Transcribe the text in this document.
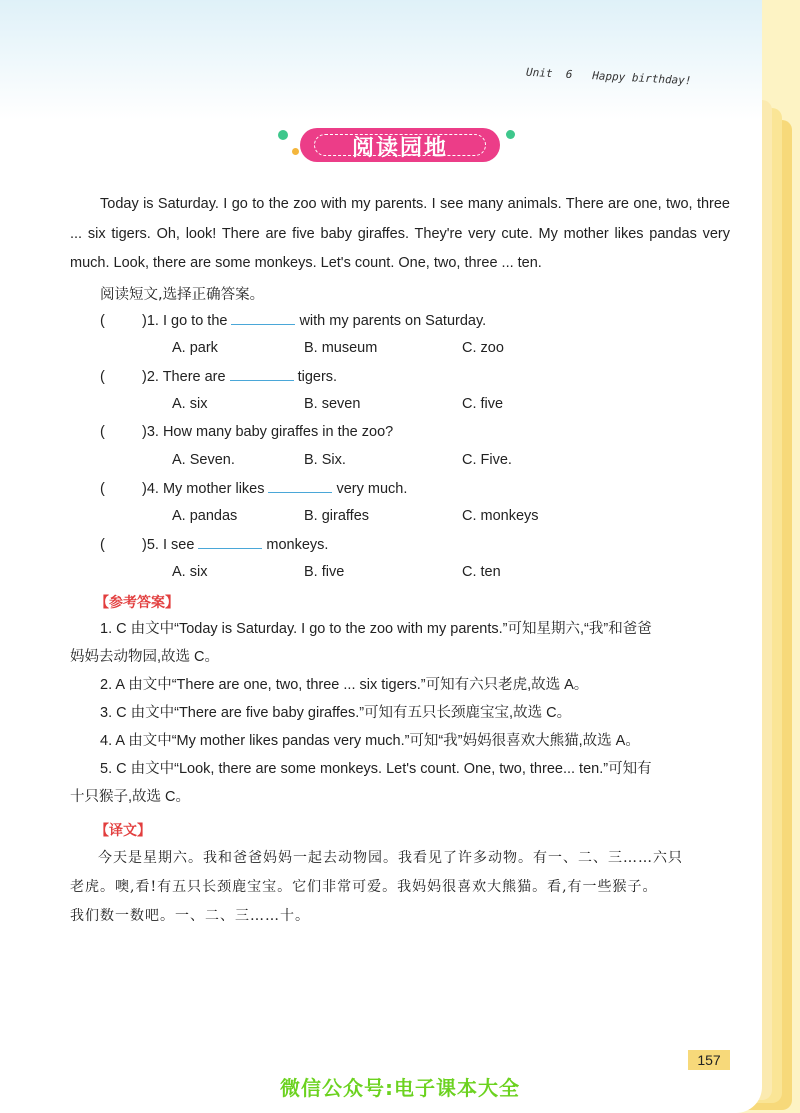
Unit  6 Happy birthday!
阅读园地
Today is Saturday. I go to the zoo with my parents. I see many animals. There are one, two, three ... six tigers. Oh, look! There are five baby giraffes. They're very cute. My mother likes pandas very much. Look, there are some monkeys. Let's count. One, two, three ... ten.
阅读短文,选择正确答案。
(	)1. I go to the	with my parents on Saturday.
A. park	B. museum	C. zoo
(	)2. There are	tigers.
A. six	B. seven	C. five
(	)3. How many baby giraffes in the zoo?
A. Seven.	B. Six.	C. Five.
(	)4. My mother likes	very much.
A. pandas	B. giraffes	C. monkeys
(	)5. I see	monkeys.
A. six	B. five	C. ten
【参考答案】
1. C 由文中“Today is Saturday. I go to the zoo with my parents.”可知星期六,“我”和爸爸
妈妈去动物园,故选 C。
2. A 由文中“There are one, two, three ... six tigers.”可知有六只老虎,故选 A。
3. C 由文中“There are five baby giraffes.”可知有五只长颈鹿宝宝,故选 C。
4. A 由文中“My mother likes pandas very much.”可知“我”妈妈很喜欢大熊猫,故选 A。
5. C 由文中“Look, there are some monkeys. Let's count. One, two, three... ten.”可知有
十只猴子,故选 C。
【译文】
今天是星期六。我和爸爸妈妈一起去动物园。我看见了许多动物。有一、二、三……六只
老虎。噢,看!有五只长颈鹿宝宝。它们非常可爱。我妈妈很喜欢大熊猫。看,有一些猴子。
我们数一数吧。一、二、三……十。
157
微信公众号:电子课本大全
